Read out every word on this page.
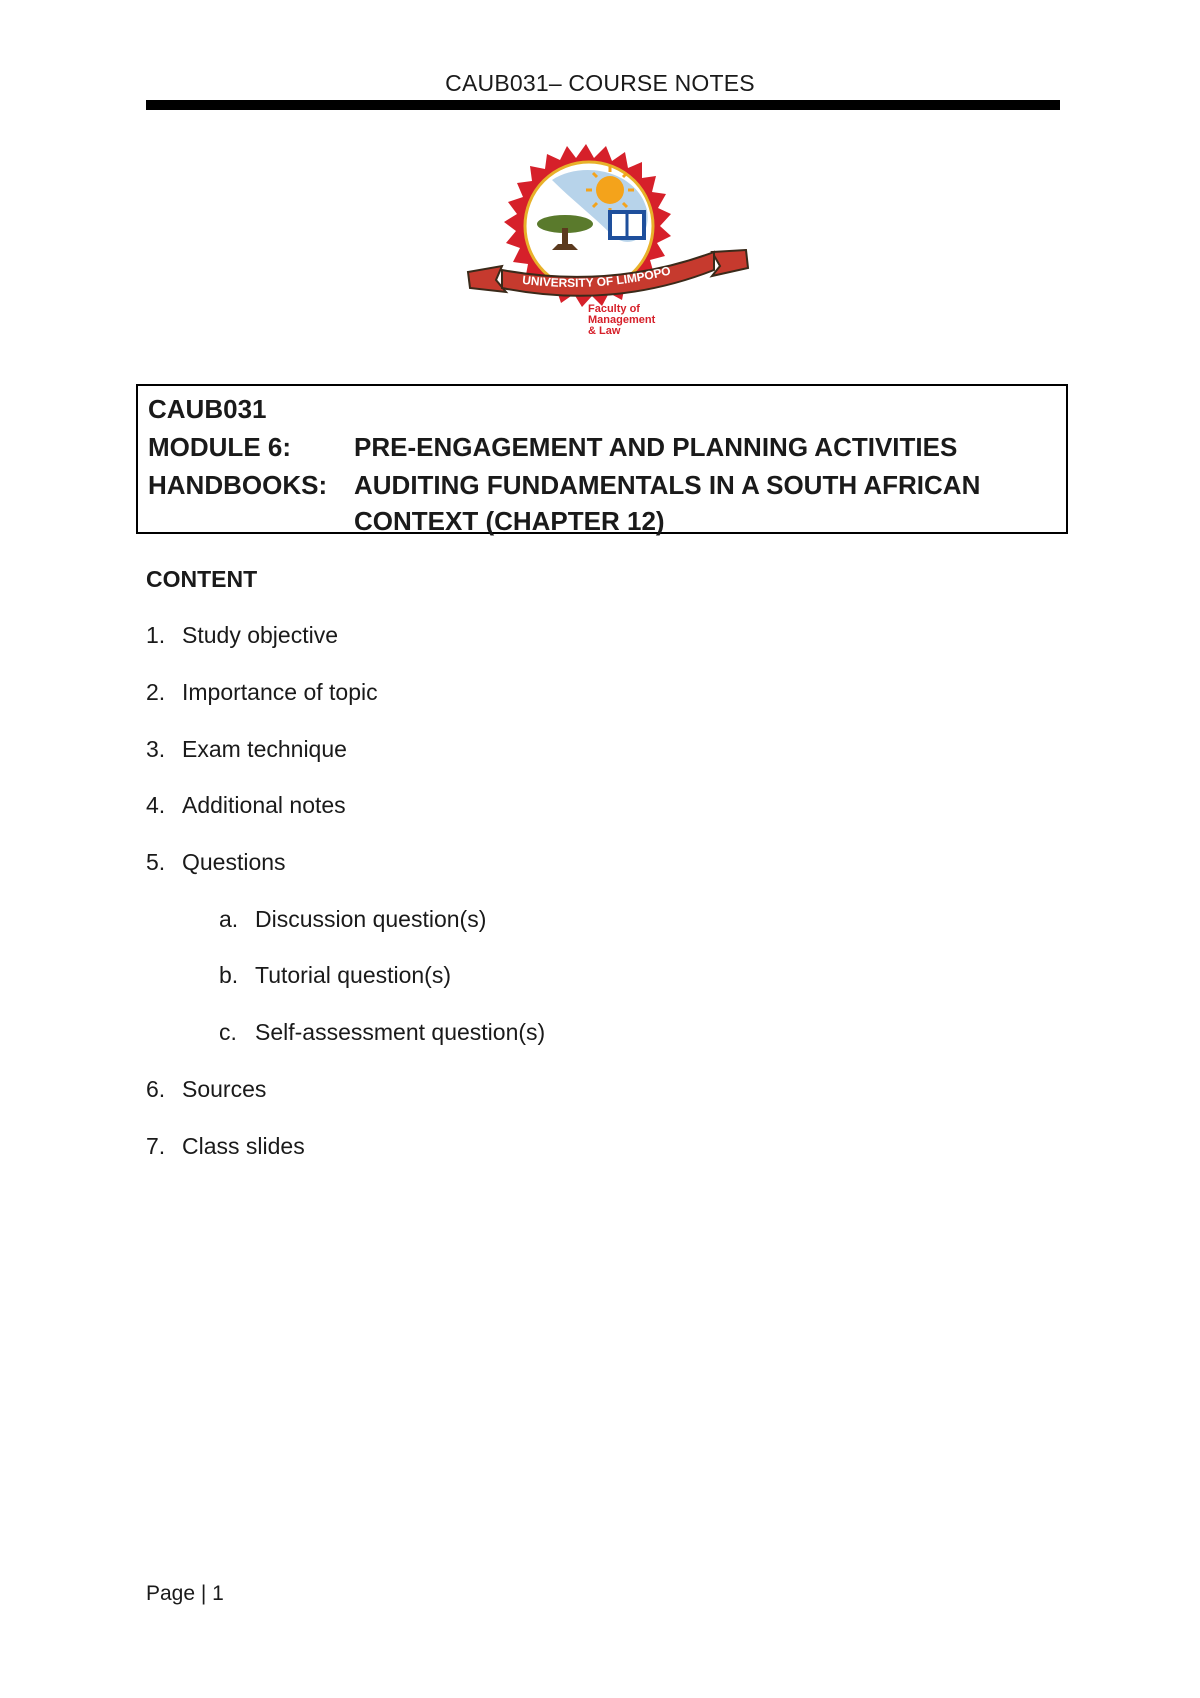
CAUB031– COURSE NOTES
UNIVERSITY OF LIMPOPO
Faculty of
Management
& Law
CAUB031
MODULE 6: PRE-ENGAGEMENT AND PLANNING ACTIVITIES
HANDBOOKS: AUDITING FUNDAMENTALS IN A SOUTH AFRICAN
CONTEXT (CHAPTER 12)
CONTENT
1. Study objective
2. Importance of topic
3. Exam technique
4. Additional notes
5. Questions
a. Discussion question(s)
b. Tutorial question(s)
c. Self-assessment question(s)
6. Sources
7. Class slides
Page | 1
